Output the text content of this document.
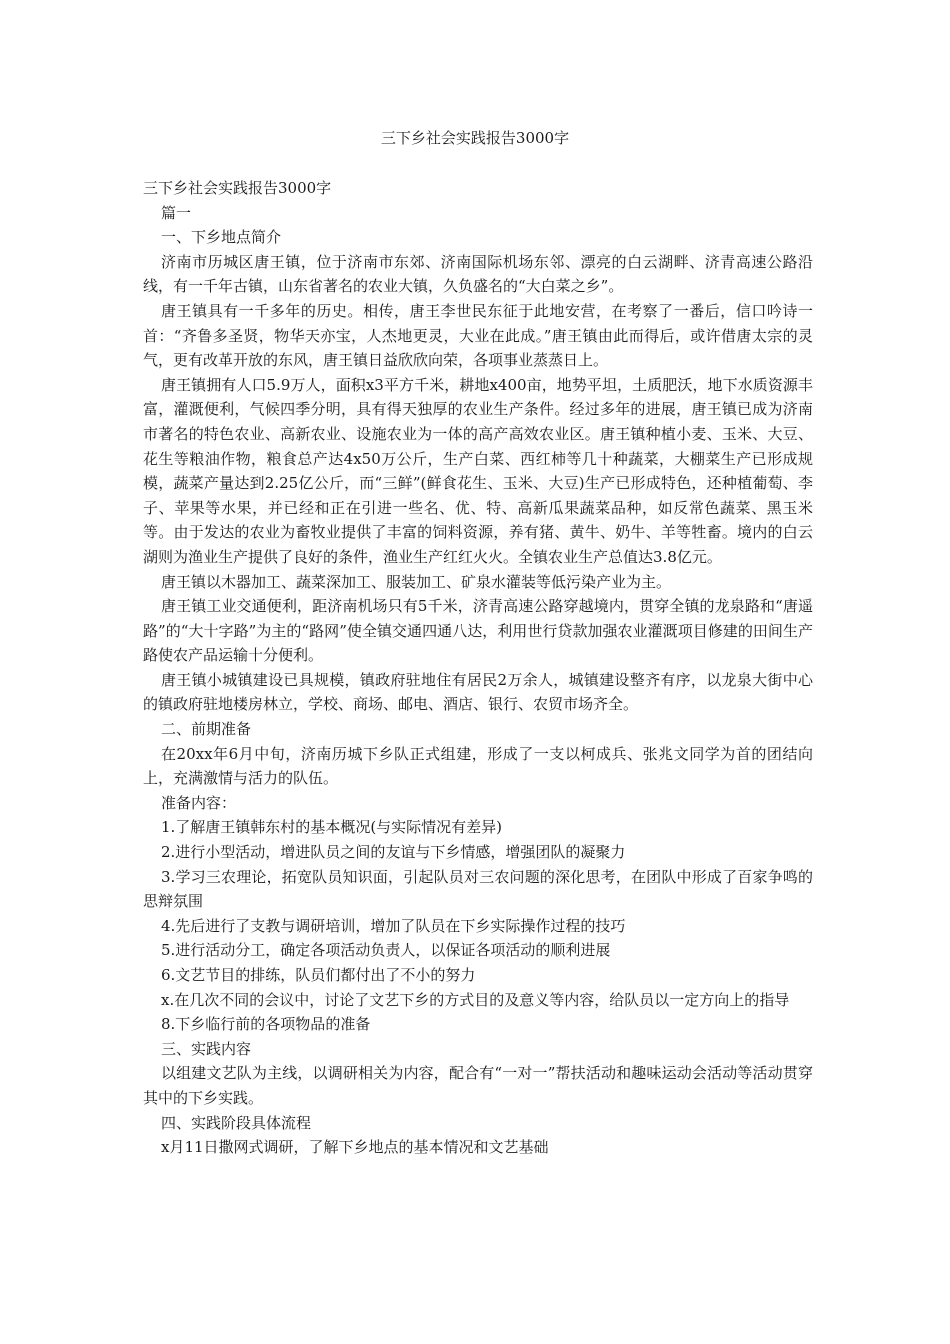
三下乡社会实践报告3000字

三下乡社会实践报告3000字

篇一

一、下乡地点简介

济南市历城区唐王镇，位于济南市东郊、济南国际机场东邻、漂亮的白云湖畔、济青高速公路沿线，有一千年古镇，山东省著名的农业大镇，久负盛名的“大白菜之乡”。

唐王镇具有一千多年的历史。相传，唐王李世民东征于此地安营，在考察了一番后，信口吟诗一首：“齐鲁多圣贤，物华天亦宝，人杰地更灵，大业在此成。”唐王镇由此而得后，或许借唐太宗的灵气，更有改革开放的东风，唐王镇日益欣欣向荣，各项事业蒸蒸日上。

唐王镇拥有人口5.9万人，面积x3平方千米，耕地x400亩，地势平坦，土质肥沃，地下水质资源丰富，灌溉便利，气候四季分明，具有得天独厚的农业生产条件。经过多年的进展，唐王镇已成为济南市著名的特色农业、高新农业、设施农业为一体的高产高效农业区。唐王镇种植小麦、玉米、大豆、花生等粮油作物，粮食总产达4x50万公斤，生产白菜、西红柿等几十种蔬菜，大棚菜生产已形成规模，蔬菜产量达到2.25亿公斤，而“三鲜”(鲜食花生、玉米、大豆)生产已形成特色，还种植葡萄、李子、苹果等水果，并已经和正在引进一些名、优、特、高新瓜果蔬菜品种，如反常色蔬菜、黑玉米等。由于发达的农业为畜牧业提供了丰富的饲料资源，养有猪、黄牛、奶牛、羊等牲畜。境内的白云湖则为渔业生产提供了良好的条件，渔业生产红红火火。全镇农业生产总值达3.8亿元。

唐王镇以木器加工、蔬菜深加工、服装加工、矿泉水灌装等低污染产业为主。

唐王镇工业交通便利，距济南机场只有5千米，济青高速公路穿越境内，贯穿全镇的龙泉路和“唐遥路”的“大十字路”为主的“路网”使全镇交通四通八达，利用世行贷款加强农业灌溉项目修建的田间生产路使农产品运输十分便利。

唐王镇小城镇建设已具规模，镇政府驻地住有居民2万余人，城镇建设整齐有序，以龙泉大街中心的镇政府驻地楼房林立，学校、商场、邮电、酒店、银行、农贸市场齐全。

二、前期准备

在20xx年6月中旬，济南历城下乡队正式组建，形成了一支以柯成兵、张兆文同学为首的团结向上，充满激情与活力的队伍。

准备内容：

1.了解唐王镇韩东村的基本概况(与实际情况有差异)

2.进行小型活动，增进队员之间的友谊与下乡情感，增强团队的凝聚力

3.学习三农理论，拓宽队员知识面，引起队员对三农问题的深化思考，在团队中形成了百家争鸣的思辩氛围

4.先后进行了支教与调研培训，增加了队员在下乡实际操作过程的技巧

5.进行活动分工，确定各项活动负责人，以保证各项活动的顺利进展

6.文艺节目的排练，队员们都付出了不小的努力

x.在几次不同的会议中，讨论了文艺下乡的方式目的及意义等内容，给队员以一定方向上的指导

8.下乡临行前的各项物品的准备

三、实践内容

以组建文艺队为主线，以调研相关为内容，配合有“一对一”帮扶活动和趣味运动会活动等活动贯穿其中的下乡实践。

四、实践阶段具体流程

x月11日撒网式调研，了解下乡地点的基本情况和文艺基础
